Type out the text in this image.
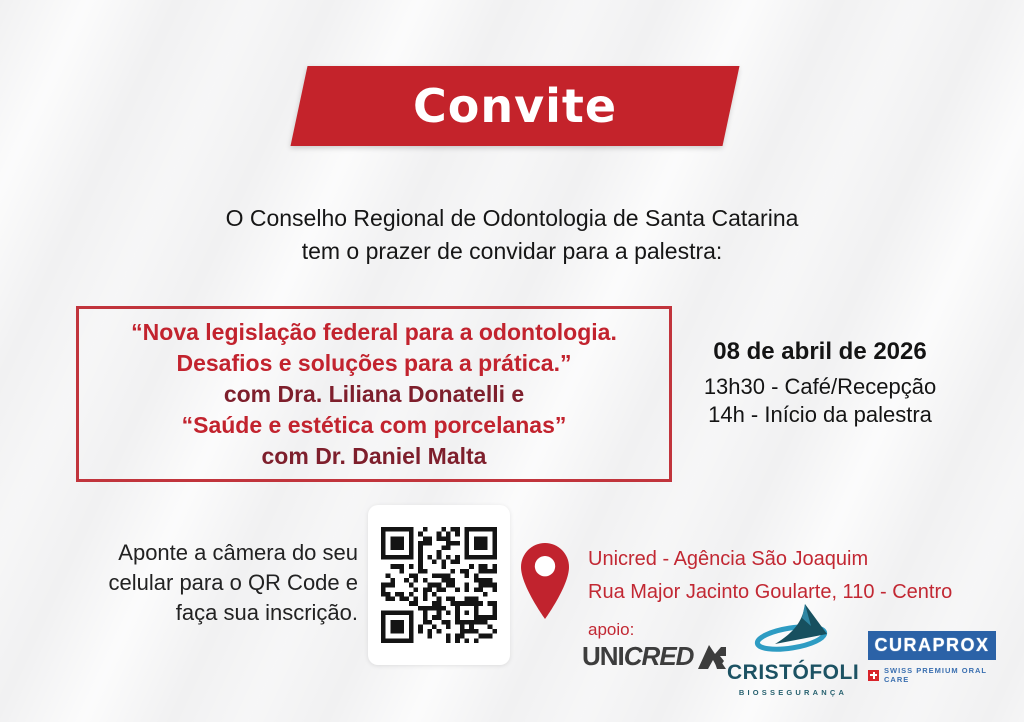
Convite
O Conselho Regional de Odontologia de Santa Catarina
tem o prazer de convidar para a palestra:
“Nova legislação federal para a odontologia.
Desafios e soluções para a prática.”
com Dra. Liliana Donatelli e
“Saúde e estética com porcelanas”
com Dr. Daniel Malta
08 de abril de 2026
13h30 - Café/Recepção
14h - Início da palestra
Aponte a câmera do seu
celular para o QR Code e
faça sua inscrição.
Unicred - Agência São Joaquim
Rua Major Jacinto Goularte, 110 - Centro
apoio:
UNICRED
CRISTÓFOLI
BIOSSEGURANÇA
CURAPROX
SWISS PREMIUM ORAL CARE
